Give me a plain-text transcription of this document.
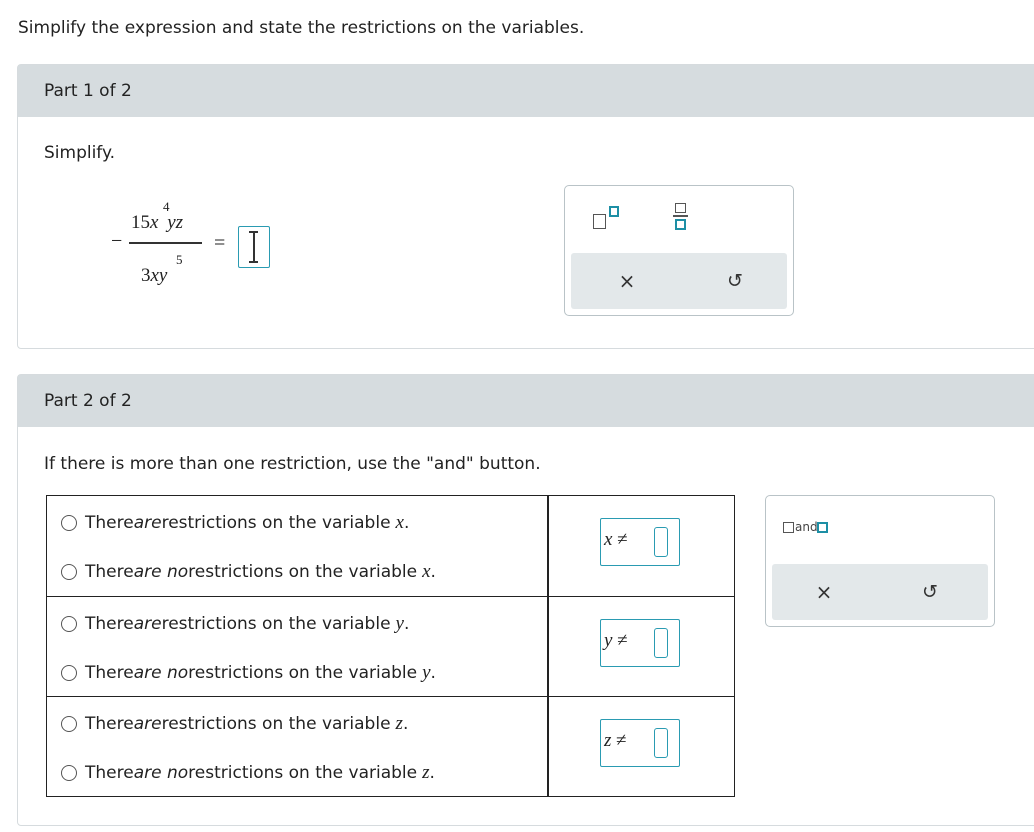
Simplify the expression and state the restrictions on the variables.
Part 1 of 2
Simplify.
−
15x yz
4
3xy
5
=
×	↺
Part 2 of 2
If there is more than one restriction, use the "and" button.
There are restrictions on the variable x .
There are no restrictions on the variable x .
x ≠
There are restrictions on the variable y .
There are no restrictions on the variable y .
y ≠
There are restrictions on the variable z .
There are no restrictions on the variable z .
z ≠
and
×	↺
